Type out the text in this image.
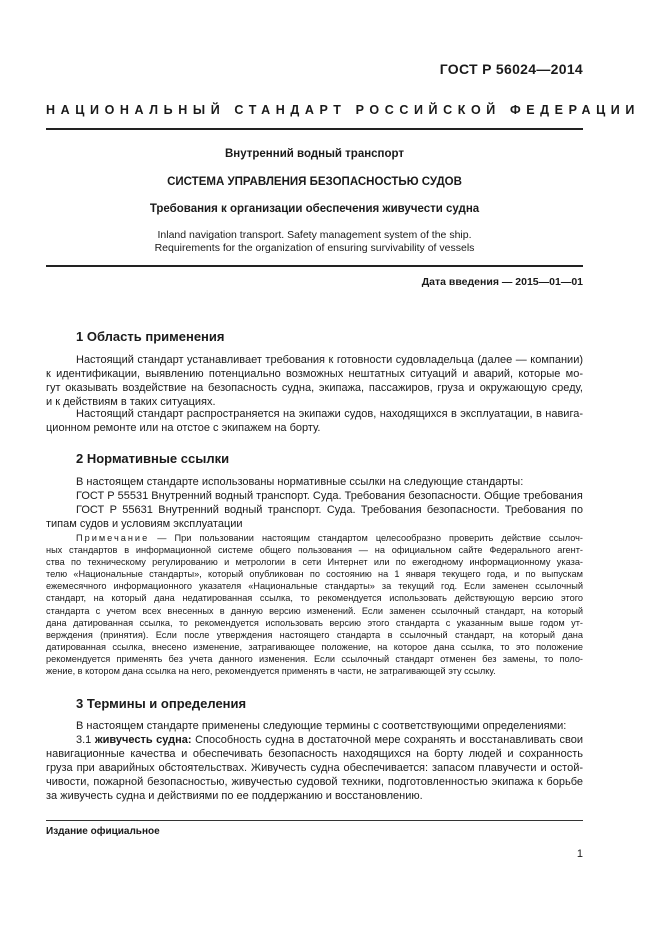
ГОСТ Р 56024—2014
НАЦИОНАЛЬНЫЙ СТАНДАРТ РОССИЙСКОЙ ФЕДЕРАЦИИ
Внутренний водный транспорт
СИСТЕМА УПРАВЛЕНИЯ БЕЗОПАСНОСТЬЮ СУДОВ
Требования к организации обеспечения живучести судна
Inland navigation transport. Safety management system of the ship.
Requirements for the organization of ensuring survivability of vessels
Дата введения — 2015—01—01
1 Область применения
Настоящий стандарт устанавливает требования к готовности судовладельца (далее — компании)
к идентификации, выявлению потенциально возможных нештатных ситуаций и аварий, которые мо-
гут оказывать воздействие на безопасность судна, экипажа, пассажиров, груза и окружающую среду,
и к действиям в таких ситуациях.
Настоящий стандарт распространяется на экипажи судов, находящихся в эксплуатации, в навига-
ционном ремонте или на отстое с экипажем на борту.
2 Нормативные ссылки
В настоящем стандарте использованы нормативные ссылки на следующие стандарты:
ГОСТ Р 55531 Внутренний водный транспорт. Суда. Требования безопасности. Общие требования
ГОСТ Р 55631 Внутренний водный транспорт. Суда. Требования безопасности. Требования по
типам судов и условиям эксплуатации
Примечание — При пользовании настоящим стандартом целесообразно проверить действие ссылоч-
ных стандартов в информационной системе общего пользования — на официальном сайте Федерального агент-
ства по техническому регулированию и метрологии в сети Интернет или по ежегодному информационному указа-
телю «Национальные стандарты», который опубликован по состоянию на 1 января текущего года, и по выпускам
ежемесячного информационного указателя «Национальные стандарты» за текущий год. Если заменен ссылочный
стандарт, на который дана недатированная ссылка, то рекомендуется использовать действующую версию этого
стандарта с учетом всех внесенных в данную версию изменений. Если заменен ссылочный стандарт, на который
дана датированная ссылка, то рекомендуется использовать версию этого стандарта с указанным выше годом ут-
верждения (принятия). Если после утверждения настоящего стандарта в ссылочный стандарт, на который дана
датированная ссылка, внесено изменение, затрагивающее положение, на которое дана ссылка, то это положение
рекомендуется применять без учета данного изменения. Если ссылочный стандарт отменен без замены, то поло-
жение, в котором дана ссылка на него, рекомендуется применять в части, не затрагивающей эту ссылку.
3 Термины и определения
В настоящем стандарте применены следующие термины с соответствующими определениями:
3.1 живучесть судна: Способность судна в достаточной мере сохранять и восстанавливать свои
навигационные качества и обеспечивать безопасность находящихся на борту людей и сохранность
груза при аварийных обстоятельствах. Живучесть судна обеспечивается: запасом плавучести и остой-
чивости, пожарной безопасностью, живучестью судовой техники, подготовленностью экипажа к борьбе
за живучесть судна и действиями по ее поддержанию и восстановлению.
Издание официальное
1
